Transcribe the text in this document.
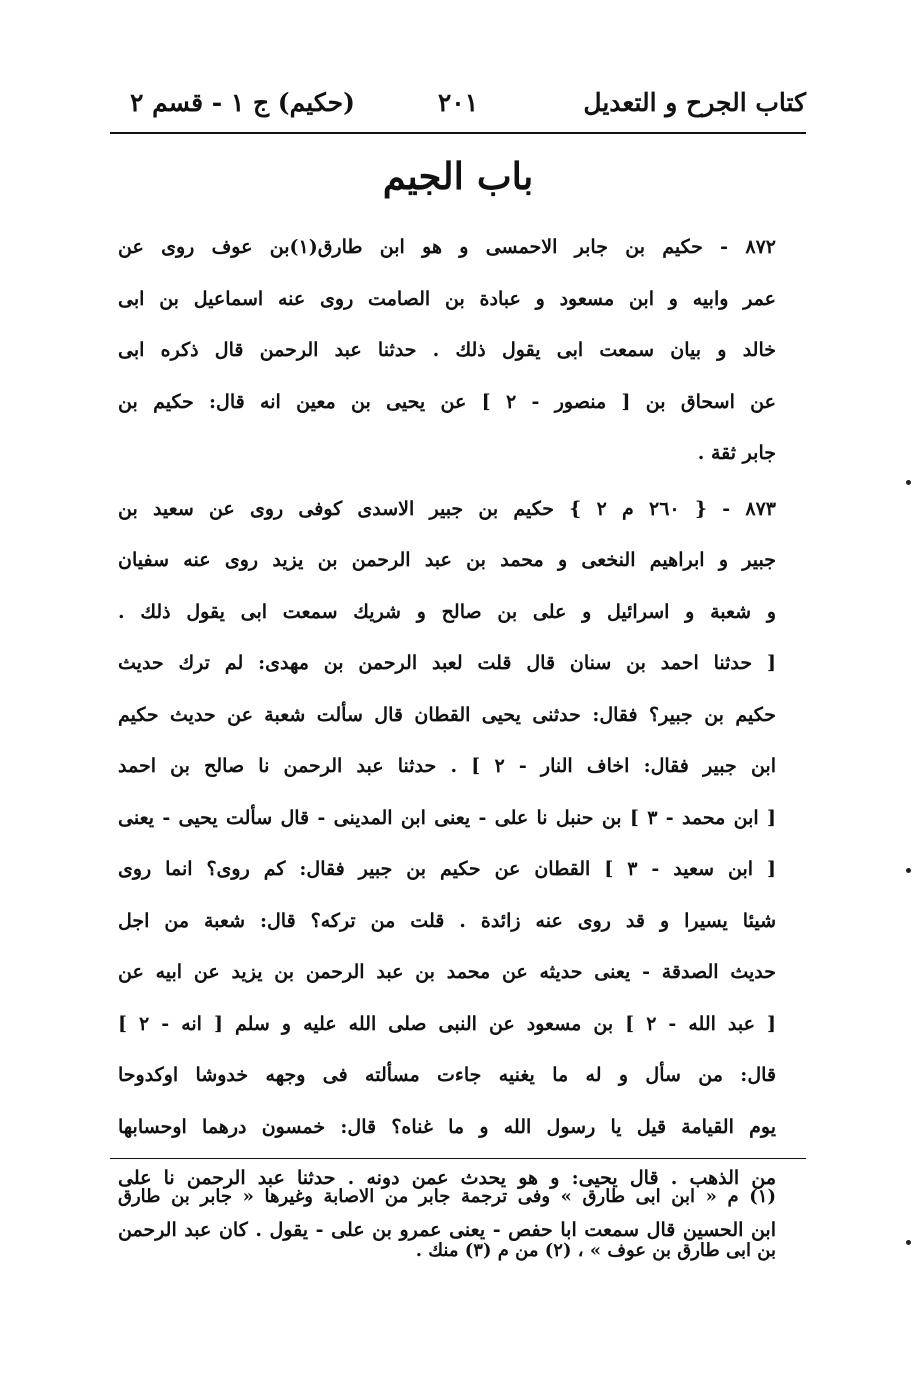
كتاب الجرح و التعديل
٢٠١
(حكيم) ج ١ - قسم ٢
باب الجيم
٨٧٢ - حكيم بن جابر الاحمسى و هو ابن طارق(١)بن عوف روى عن
عمر وابيه و ابن مسعود و عبادة بن الصامت روى عنه اسماعيل بن ابى
خالد و بيان سمعت ابى يقول ذلك . حدثنا عبد الرحمن قال ذكره ابى
عن اسحاق بن [ منصور - ٢ ] عن يحيى بن معين انه قال: حكيم بن
جابر ثقة .
٨٧٣ - { ٢٦٠ م ٢ } حكيم بن جبير الاسدى كوفى روى عن سعيد بن
جبير و ابراهيم النخعى و محمد بن عبد الرحمن بن يزيد روى عنه سفيان
و شعبة و اسرائيل و على بن صالح و شريك سمعت ابى يقول ذلك .
[ حدثنا احمد بن سنان قال قلت لعبد الرحمن بن مهدى: لم ترك حديث
حكيم بن جبير؟ فقال: حدثنى يحيى القطان قال سألت شعبة عن حديث حكيم
ابن جبير فقال: اخاف النار - ٢ ] . حدثنا عبد الرحمن نا صالح بن احمد
[ ابن محمد - ٣ ] بن حنبل نا على - يعنى ابن المدينى - قال سألت يحيى - يعنى
[ ابن سعيد - ٣ ] القطان عن حكيم بن جبير فقال: كم روى؟ انما روى
شيئا يسيرا و قد روى عنه زائدة . قلت من تركه؟ قال: شعبة من اجل
حديث الصدقة - يعنى حديثه عن محمد بن عبد الرحمن بن يزيد عن ابيه عن
[ عبد الله - ٢ ] بن مسعود عن النبى صلى الله عليه و سلم [ انه - ٢ ]
قال: من سأل و له ما يغنيه جاءت مسألته فى وجهه خدوشا اوكدوحا
يوم القيامة قيل يا رسول الله و ما غناه؟ قال: خمسون درهما اوحسابها
من الذهب . قال يحيى: و هو يحدث عمن دونه . حدثنا عبد الرحمن نا على
ابن الحسين قال سمعت ابا حفص - يعنى عمرو بن على - يقول . كان عبد الرحمن
(١) م « ابن ابى طارق » وفى ترجمة جابر من الاصابة وغيرها « جابر بن طارق
بن ابى طارق بن عوف » ، (٢) من م (٣) منك .
